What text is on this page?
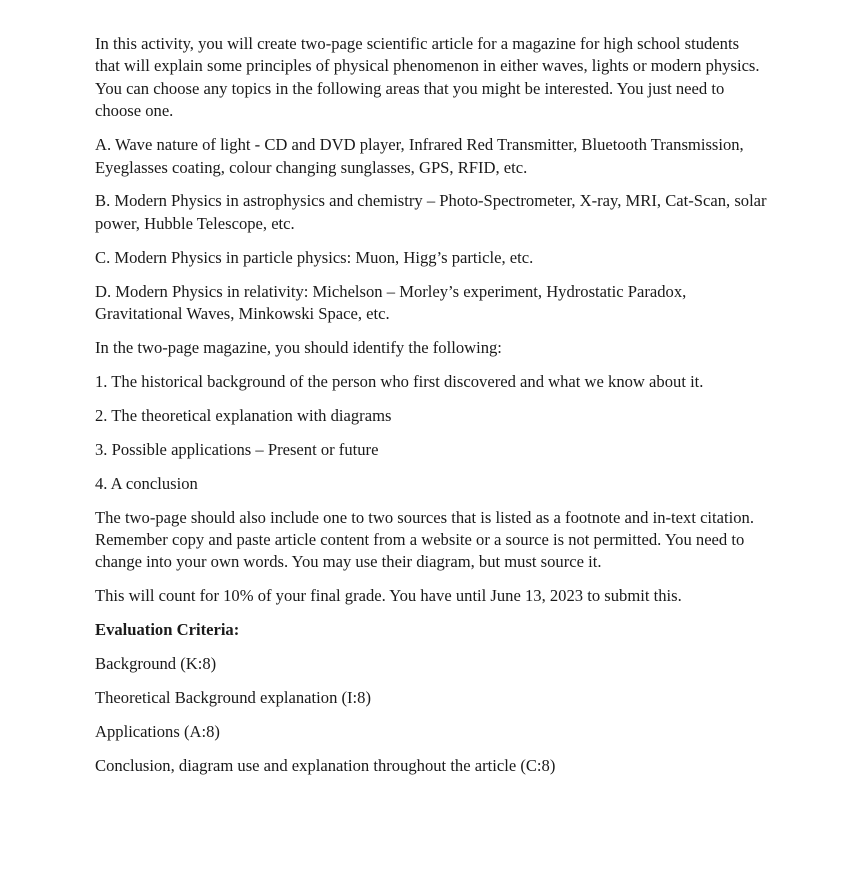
In this activity, you will create two-page scientific article for a magazine for high school students that will explain some principles of physical phenomenon in either waves, lights or modern physics. You can choose any topics in the following areas that you might be interested. You just need to choose one.

A. Wave nature of light - CD and DVD player, Infrared Red Transmitter, Bluetooth Transmission, Eyeglasses coating, colour changing sunglasses, GPS, RFID, etc.

B. Modern Physics in astrophysics and chemistry – Photo-Spectrometer, X-ray, MRI, Cat-Scan, solar power, Hubble Telescope, etc.

C. Modern Physics in particle physics: Muon, Higg’s particle, etc.

D. Modern Physics in relativity: Michelson – Morley’s experiment, Hydrostatic Paradox, Gravitational Waves, Minkowski Space, etc.

In the two-page magazine, you should identify the following:

1. The historical background of the person who first discovered and what we know about it.

2. The theoretical explanation with diagrams

3. Possible applications – Present or future

4. A conclusion

The two-page should also include one to two sources that is listed as a footnote and in-text citation. Remember copy and paste article content from a website or a source is not permitted. You need to change into your own words. You may use their diagram, but must source it.

This will count for 10% of your final grade. You have until June 13, 2023 to submit this.

Evaluation Criteria:

Background (K:8)

Theoretical Background explanation (I:8)

Applications (A:8)

Conclusion, diagram use and explanation throughout the article (C:8)
